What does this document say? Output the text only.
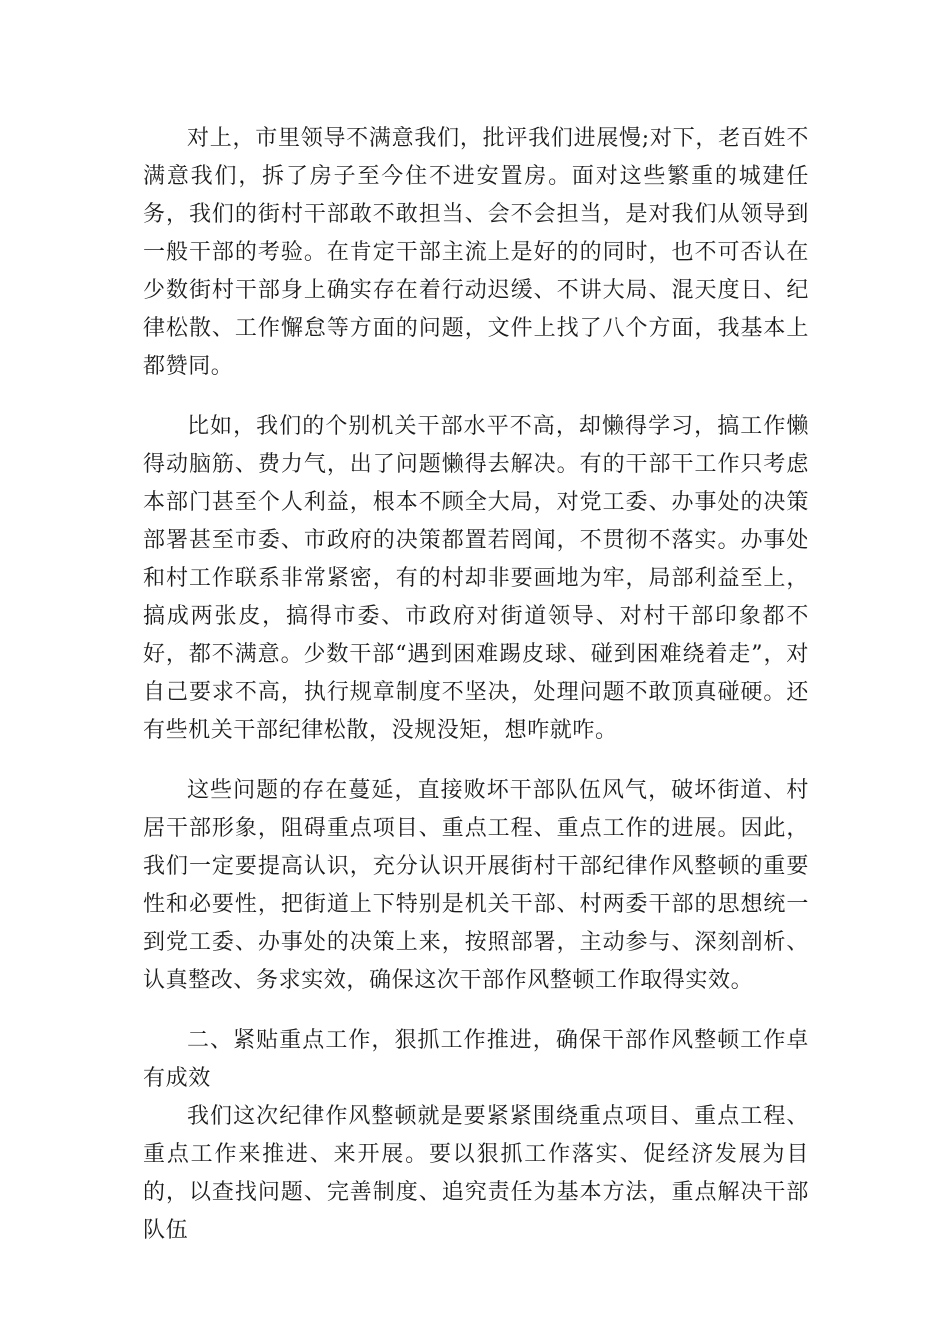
对上，市里领导不满意我们，批评我们进展慢;对下，老百姓不满意我们，拆了房子至今住不进安置房。面对这些繁重的城建任务，我们的街村干部敢不敢担当、会不会担当，是对我们从领导到一般干部的考验。在肯定干部主流上是好的的同时，也不可否认在少数街村干部身上确实存在着行动迟缓、不讲大局、混天度日、纪律松散、工作懈怠等方面的问题，文件上找了八个方面，我基本上都赞同。

比如，我们的个别机关干部水平不高，却懒得学习，搞工作懒得动脑筋、费力气，出了问题懒得去解决。有的干部干工作只考虑本部门甚至个人利益，根本不顾全大局，对党工委、办事处的决策部署甚至市委、市政府的决策都置若罔闻，不贯彻不落实。办事处和村工作联系非常紧密，有的村却非要画地为牢，局部利益至上，搞成两张皮，搞得市委、市政府对街道领导、对村干部印象都不好，都不满意。少数干部“遇到困难踢皮球、碰到困难绕着走”，对自己要求不高，执行规章制度不坚决，处理问题不敢顶真碰硬。还有些机关干部纪律松散，没规没矩，想咋就咋。

这些问题的存在蔓延，直接败坏干部队伍风气，破坏街道、村居干部形象，阻碍重点项目、重点工程、重点工作的进展。因此，我们一定要提高认识，充分认识开展街村干部纪律作风整顿的重要性和必要性，把街道上下特别是机关干部、村两委干部的思想统一到党工委、办事处的决策上来，按照部署，主动参与、深刻剖析、认真整改、务求实效，确保这次干部作风整顿工作取得实效。

二、紧贴重点工作，狠抓工作推进，确保干部作风整顿工作卓有成效

我们这次纪律作风整顿就是要紧紧围绕重点项目、重点工程、重点工作来推进、来开展。要以狠抓工作落实、促经济发展为目的，以查找问题、完善制度、追究责任为基本方法，重点解决干部队伍
